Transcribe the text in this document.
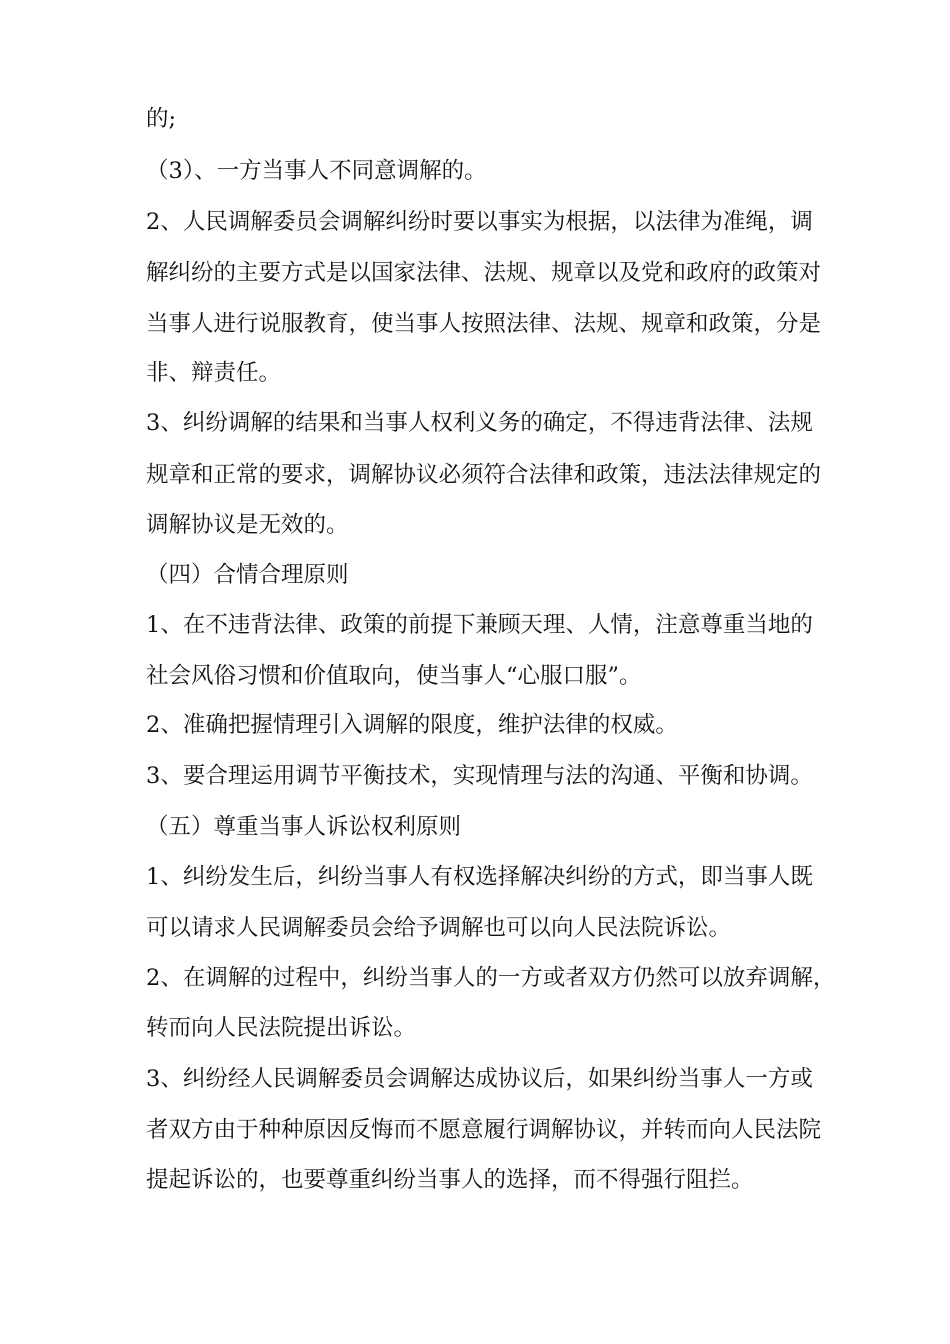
的;
（3）、一方当事人不同意调解的。
2、人民调解委员会调解纠纷时要以事实为根据，以法律为准绳，调
解纠纷的主要方式是以国家法律、法规、规章以及党和政府的政策对
当事人进行说服教育，使当事人按照法律、法规、规章和政策，分是
非、辩责任。
3、纠纷调解的结果和当事人权利义务的确定，不得违背法律、法规
规章和正常的要求，调解协议必须符合法律和政策，违法法律规定的
调解协议是无效的。
（四）合情合理原则
1、在不违背法律、政策的前提下兼顾天理、人情，注意尊重当地的
社会风俗习惯和价值取向，使当事人“心服口服”。
2、准确把握情理引入调解的限度，维护法律的权威。
3、要合理运用调节平衡技术，实现情理与法的沟通、平衡和协调。
（五）尊重当事人诉讼权利原则
1、纠纷发生后，纠纷当事人有权选择解决纠纷的方式，即当事人既
可以请求人民调解委员会给予调解也可以向人民法院诉讼。
2、在调解的过程中，纠纷当事人的一方或者双方仍然可以放弃调解，
转而向人民法院提出诉讼。
3、纠纷经人民调解委员会调解达成协议后，如果纠纷当事人一方或
者双方由于种种原因反悔而不愿意履行调解协议，并转而向人民法院
提起诉讼的，也要尊重纠纷当事人的选择，而不得强行阻拦。
